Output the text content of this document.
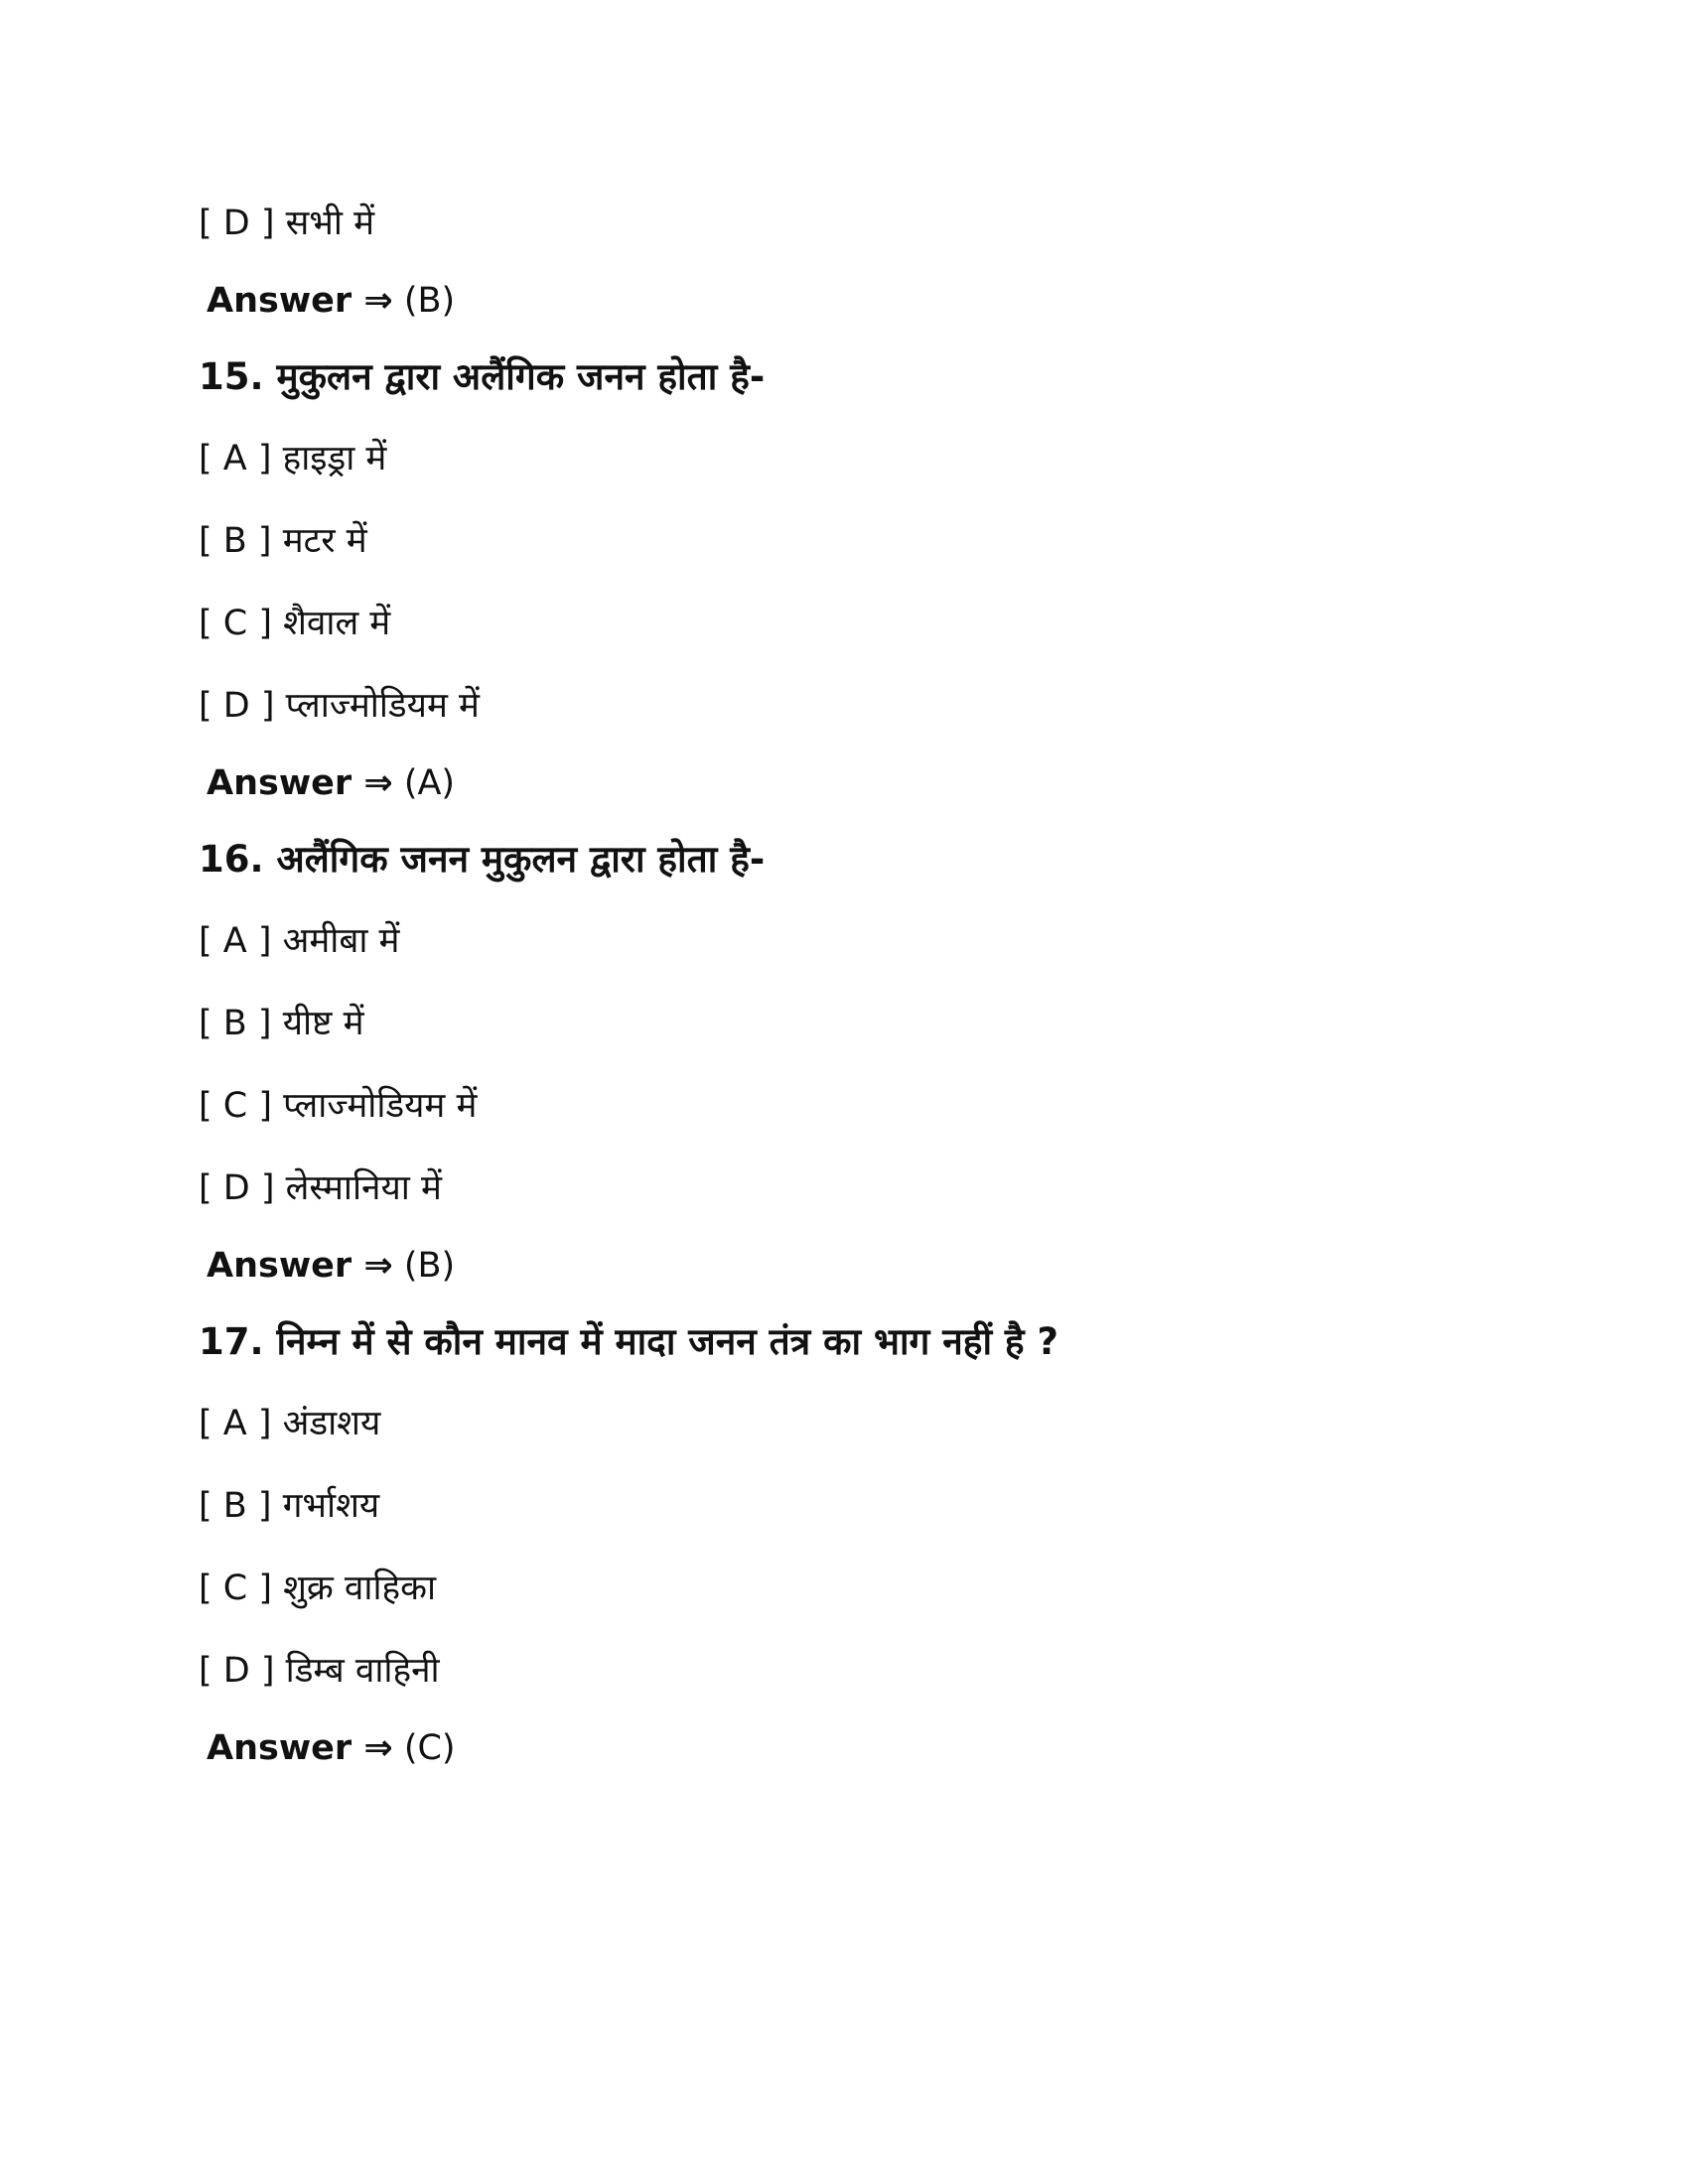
[ D ] सभी में
Answer ⇒ (B)
15. मुकुलन द्वारा अलैंगिक जनन होता है-
[ A ] हाइड्रा में
[ B ] मटर में
[ C ] शैवाल में
[ D ] प्लाज्मोडियम में
Answer ⇒ (A)
16. अलैंगिक जनन मुकुलन द्वारा होता है-
[ A ] अमीबा में
[ B ] यीष्ट में
[ C ] प्लाज्मोडियम में
[ D ] लेस्मानिया में
Answer ⇒ (B)
17. निम्न में से कौन मानव में मादा जनन तंत्र का भाग नहीं है ?
[ A ] अंडाशय
[ B ] गर्भाशय
[ C ] शुक्र वाहिका
[ D ] डिम्ब वाहिनी
Answer ⇒ (C)
